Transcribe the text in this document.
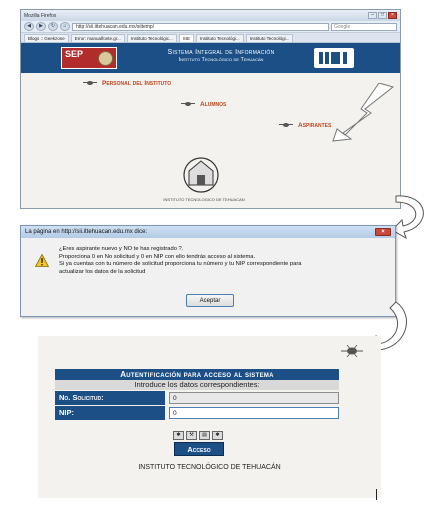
Mozilla Firefox	–	□	×
◀	▶	↻	⌂	http://sii.ittehuacan.edu.mx/siitemp/	Google
Blogs :: Geekzone	Error: manualfonte.gr...	Instituto Tecnológic...	SIE	Instituto Tecnológi...	Instituto Tecnológi...
SEP	Sistema Integral de Información
Instituto Tecnológico de Tehuacán
Personal del Instituto
Alumnos
Aspirantes
INSTITUTO TECNOLOGICO DE TEHUACAN
La página en http://sii.ittehuacan.edu.mx dice:	×
¿Eres aspirante nuevo y NO te has registrado ?.
Proporciona 0 en No solicitud y 0 en NIP con ello tendrás acceso al sistema.
Si ya cuentas con tu número de solicitud proporciona tu número y tu NIP correspondiente para
actualizar los datos de la solicitud
Aceptar
Autentificación para acceso al sistema
Introduce los datos correspondientes:
No. Solicitud:
0
NIP:
0
✱	⚒	▤	✱
Acceso
INSTITUTO TECNOLÓGICO DE TEHUACÁN
